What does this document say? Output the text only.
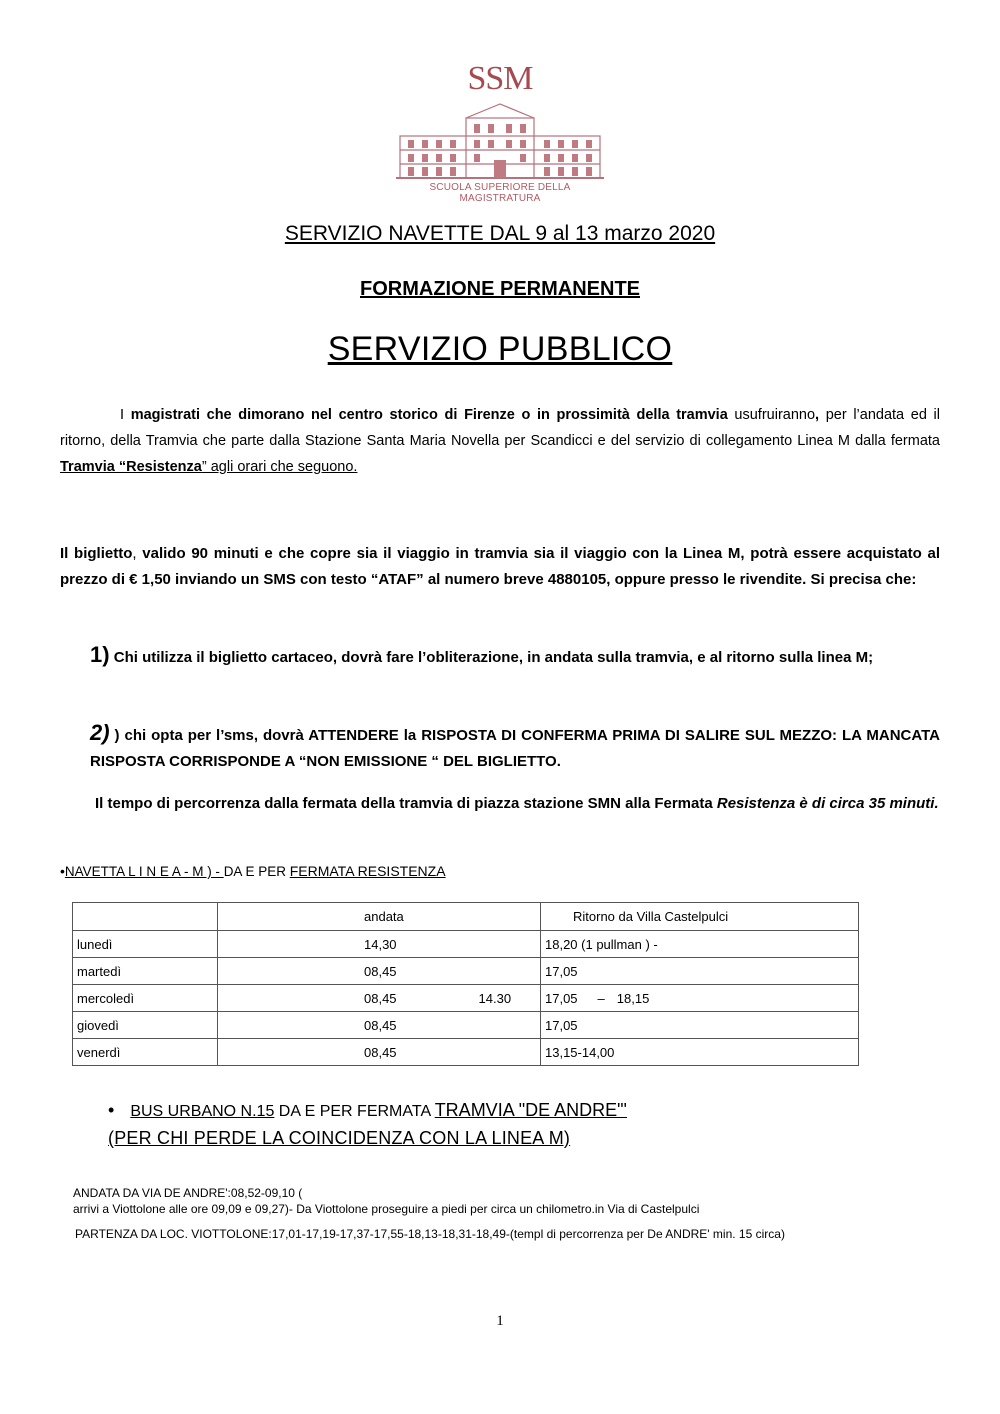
SSM
SCUOLA SUPERIORE DELLA MAGISTRATURA
SERVIZIO NAVETTE DAL 9 al 13 marzo 2020
FORMAZIONE PERMANENTE
SERVIZIO PUBBLICO
I magistrati che dimorano nel centro storico di Firenze o in prossimità della tramvia usufruiranno, per l’andata ed il ritorno, della Tramvia che parte dalla Stazione Santa Maria Novella per Scandicci e del servizio di collegamento Linea M dalla fermata Tramvia “Resistenza” agli orari che seguono.
Il biglietto, valido 90 minuti e che copre sia il viaggio in tramvia sia il viaggio con la Linea M, potrà essere acquistato al prezzo di € 1,50 inviando un SMS con testo “ATAF” al numero breve 4880105, oppure presso le rivendite. Si precisa che:
1) Chi utilizza il biglietto cartaceo, dovrà fare l’obliterazione, in andata sulla tramvia, e al ritorno sulla linea M;
2) ) chi opta per l’sms, dovrà ATTENDERE la RISPOSTA DI CONFERMA PRIMA DI SALIRE SUL MEZZO: LA MANCATA RISPOSTA CORRISPONDE A “NON EMISSIONE “ DEL BIGLIETTO.
Il tempo di percorrenza dalla fermata della tramvia di piazza stazione SMN alla Fermata Resistenza è di circa 35 minuti.
•NAVETTA L I N E A - M ) - DA E PER FERMATA RESISTENZA
	andata	Ritorno da Villa Castelpulci
lunedì	14,30	18,20 (1 pullman ) -
martedì	08,45	17,05
mercoledì	08,45 14.30	17,05 – 18,15
giovedì	08,45	17,05
venerdì	08,45	13,15-14,00
• BUS URBANO N.15 DA E PER FERMATA TRAMVIA "DE ANDRE"'
(PER CHI PERDE LA COINCIDENZA CON LA LINEA M)
ANDATA DA VIA DE ANDRE':08,52-09,10 (
arrivi a Viottolone alle ore 09,09 e 09,27)- Da Viottolone proseguire a piedi per circa un chilometro.in Via di Castelpulci
PARTENZA DA LOC. VIOTTOLONE:17,01-17,19-17,37-17,55-18,13-18,31-18,49-(templ di percorrenza per De ANDRE' min. 15 circa)
1
